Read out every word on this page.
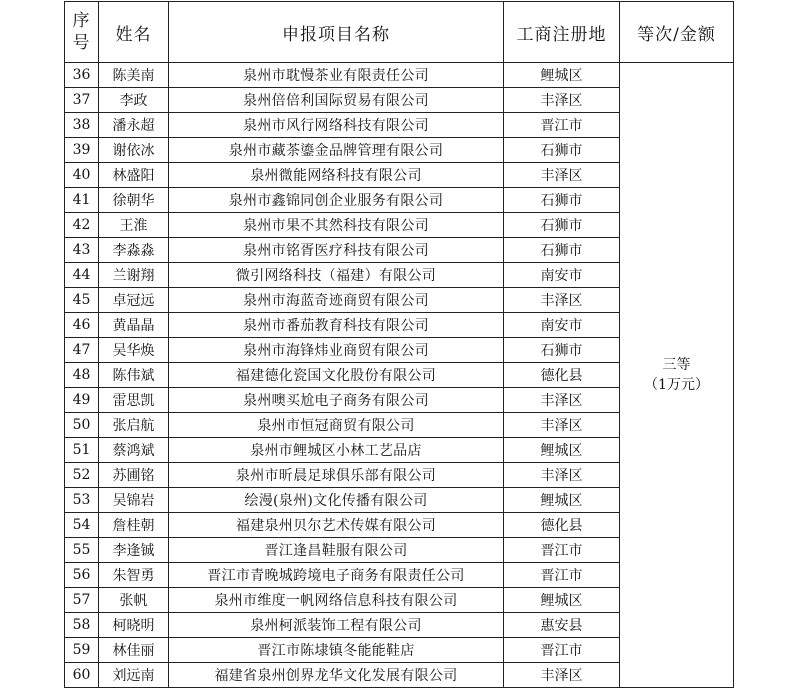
序
号	姓名	申报项目名称	工商注册地	等次/金额
36	陈美南	泉州市耽慢茶业有限责任公司	鲤城区	三等
（1万元）

37	李政	泉州倍倍利国际贸易有限公司	丰泽区	
38	潘永超	泉州市风行网络科技有限公司	晋江市	
39	谢依冰	泉州市藏茶鎏金品牌管理有限公司	石狮市	
40	林盛阳	泉州微能网络科技有限公司	丰泽区	
41	徐朝华	泉州市鑫锦同创企业服务有限公司	石狮市	
42	王淮	泉州市果不其然科技有限公司	石狮市	
43	李淼淼	泉州市铭胥医疗科技有限公司	石狮市	
44	兰谢翔	微引网络科技（福建）有限公司	南安市	
45	卓冠远	泉州市海蓝奇迹商贸有限公司	丰泽区	
46	黄晶晶	泉州市番茄教育科技有限公司	南安市	
47	吴华焕	泉州市海锋炜业商贸有限公司	石狮市	
48	陈伟斌	福建德化瓷国文化股份有限公司	德化县	
49	雷思凯	泉州噢买尬电子商务有限公司	丰泽区	
50	张启航	泉州市恒冠商贸有限公司	丰泽区	
51	蔡鸿斌	泉州市鲤城区小林工艺品店	鲤城区	
52	苏圃铭	泉州市昕晨足球俱乐部有限公司	丰泽区	
53	吴锦岩	绘漫(泉州)文化传播有限公司	鲤城区	
54	詹桂朝	福建泉州贝尔艺术传媒有限公司	德化县	
55	李逢铖	晋江逢昌鞋服有限公司	晋江市	
56	朱智勇	晋江市青晚城跨境电子商务有限责任公司	晋江市	
57	张帆	泉州市维度一帆网络信息科技有限公司	鲤城区	
58	柯晓明	泉州柯派装饰工程有限公司	惠安县	
59	林佳丽	晋江市陈埭镇冬能能鞋店	晋江市	
60	刘远南	福建省泉州创界龙华文化发展有限公司	丰泽区	
